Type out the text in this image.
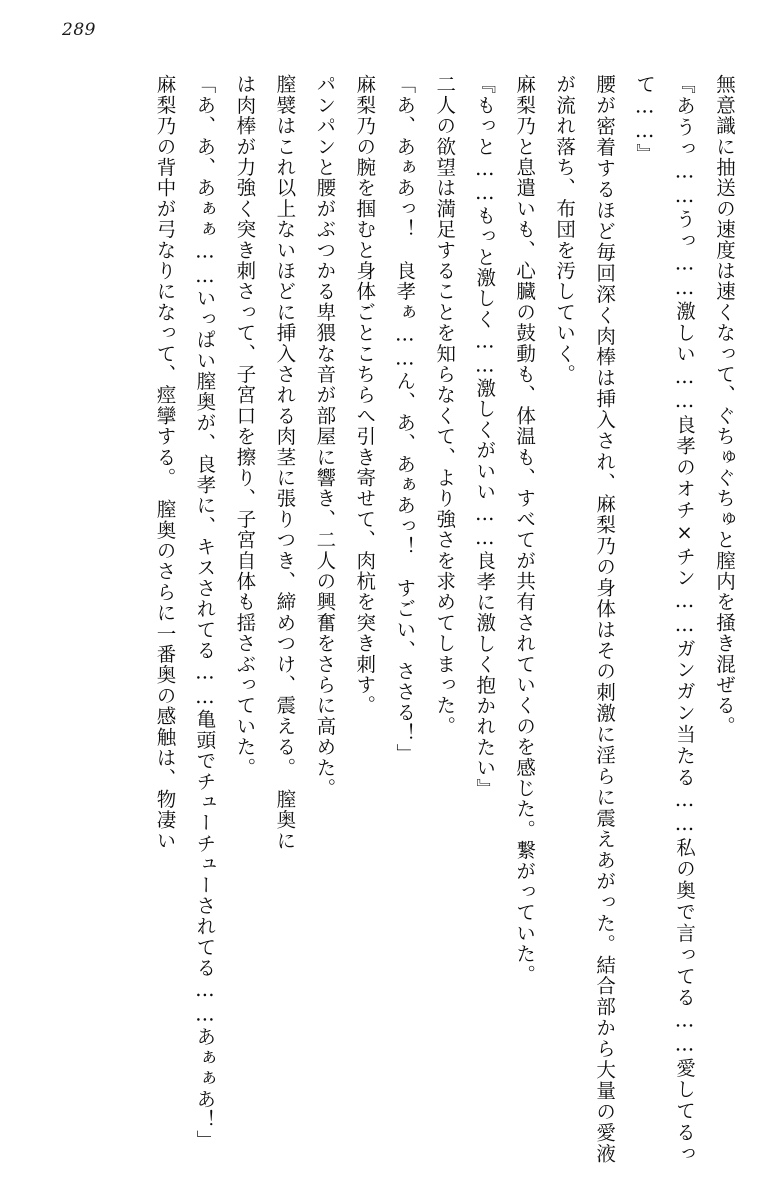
289

無意識に抽送の速度は速くなって、ぐちゅぐちゅと膣内を掻き混ぜる。

『あうっ……うっ……激しい……良孝のオチ×チン……ガンガン当たる……私の奥で言ってる……愛してるって……』

腰が密着するほど毎回深く肉棒は挿入され、麻梨乃の身体はその刺激に淫らに震えあがった。結合部から大量の愛液が流れ落ち、布団を汚していく。

麻梨乃と息遣いも、心臓の鼓動も、体温も、すべてが共有されていくのを感じた。繋がっていた。

『もっと……もっと激しく……激しくがいい……良孝に激しく抱かれたい』

二人の欲望は満足することを知らなくて、より強さを求めてしまった。

「あ、あぁあっ！　良孝ぁ……ん、あ、あぁあっ！　すごい、ささる！」

麻梨乃の腕を掴むと身体ごとこちらへ引き寄せて、肉杭を突き刺す。

パンパンと腰がぶつかる卑猥な音が部屋に響き、二人の興奮をさらに高めた。

膣襞はこれ以上ないほどに挿入される肉茎に張りつき、締めつけ、震える。　膣奥に

は肉棒が力強く突き刺さって、子宮口を擦り、子宮自体も揺さぶっていた。

「あ、あ、あぁぁ……いっぱい膣奥が、良孝に、キスされてる……亀頭でチューチューされてる……あぁぁあ！」

麻梨乃の背中が弓なりになって、痙攣する。　膣奥のさらに一番奥の感触は、物凄い
